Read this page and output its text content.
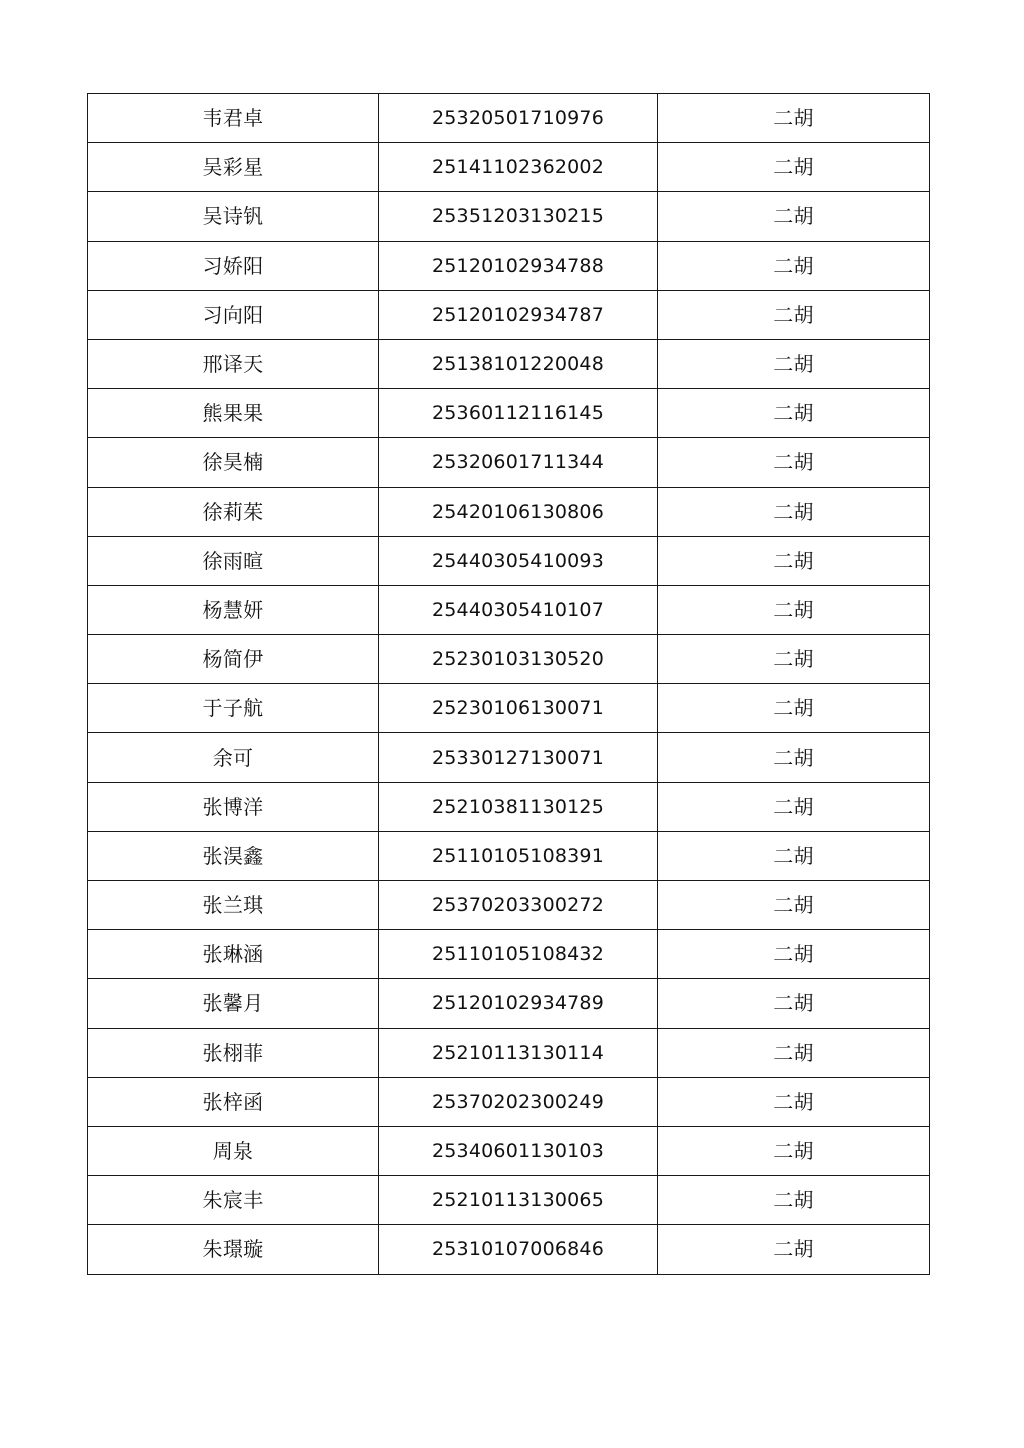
韦君卓	25320501710976	二胡
吴彩星	25141102362002	二胡
吴诗钒	25351203130215	二胡
习娇阳	25120102934788	二胡
习向阳	25120102934787	二胡
邢译天	25138101220048	二胡
熊果果	25360112116145	二胡
徐昊楠	25320601711344	二胡
徐莉茱	25420106130806	二胡
徐雨暄	25440305410093	二胡
杨慧妍	25440305410107	二胡
杨简伊	25230103130520	二胡
于子航	25230106130071	二胡
余可	25330127130071	二胡
张博洋	25210381130125	二胡
张淏鑫	25110105108391	二胡
张兰琪	25370203300272	二胡
张琳涵	25110105108432	二胡
张馨月	25120102934789	二胡
张栩菲	25210113130114	二胡
张梓函	25370202300249	二胡
周泉	25340601130103	二胡
朱宸丰	25210113130065	二胡
朱璟璇	25310107006846	二胡
